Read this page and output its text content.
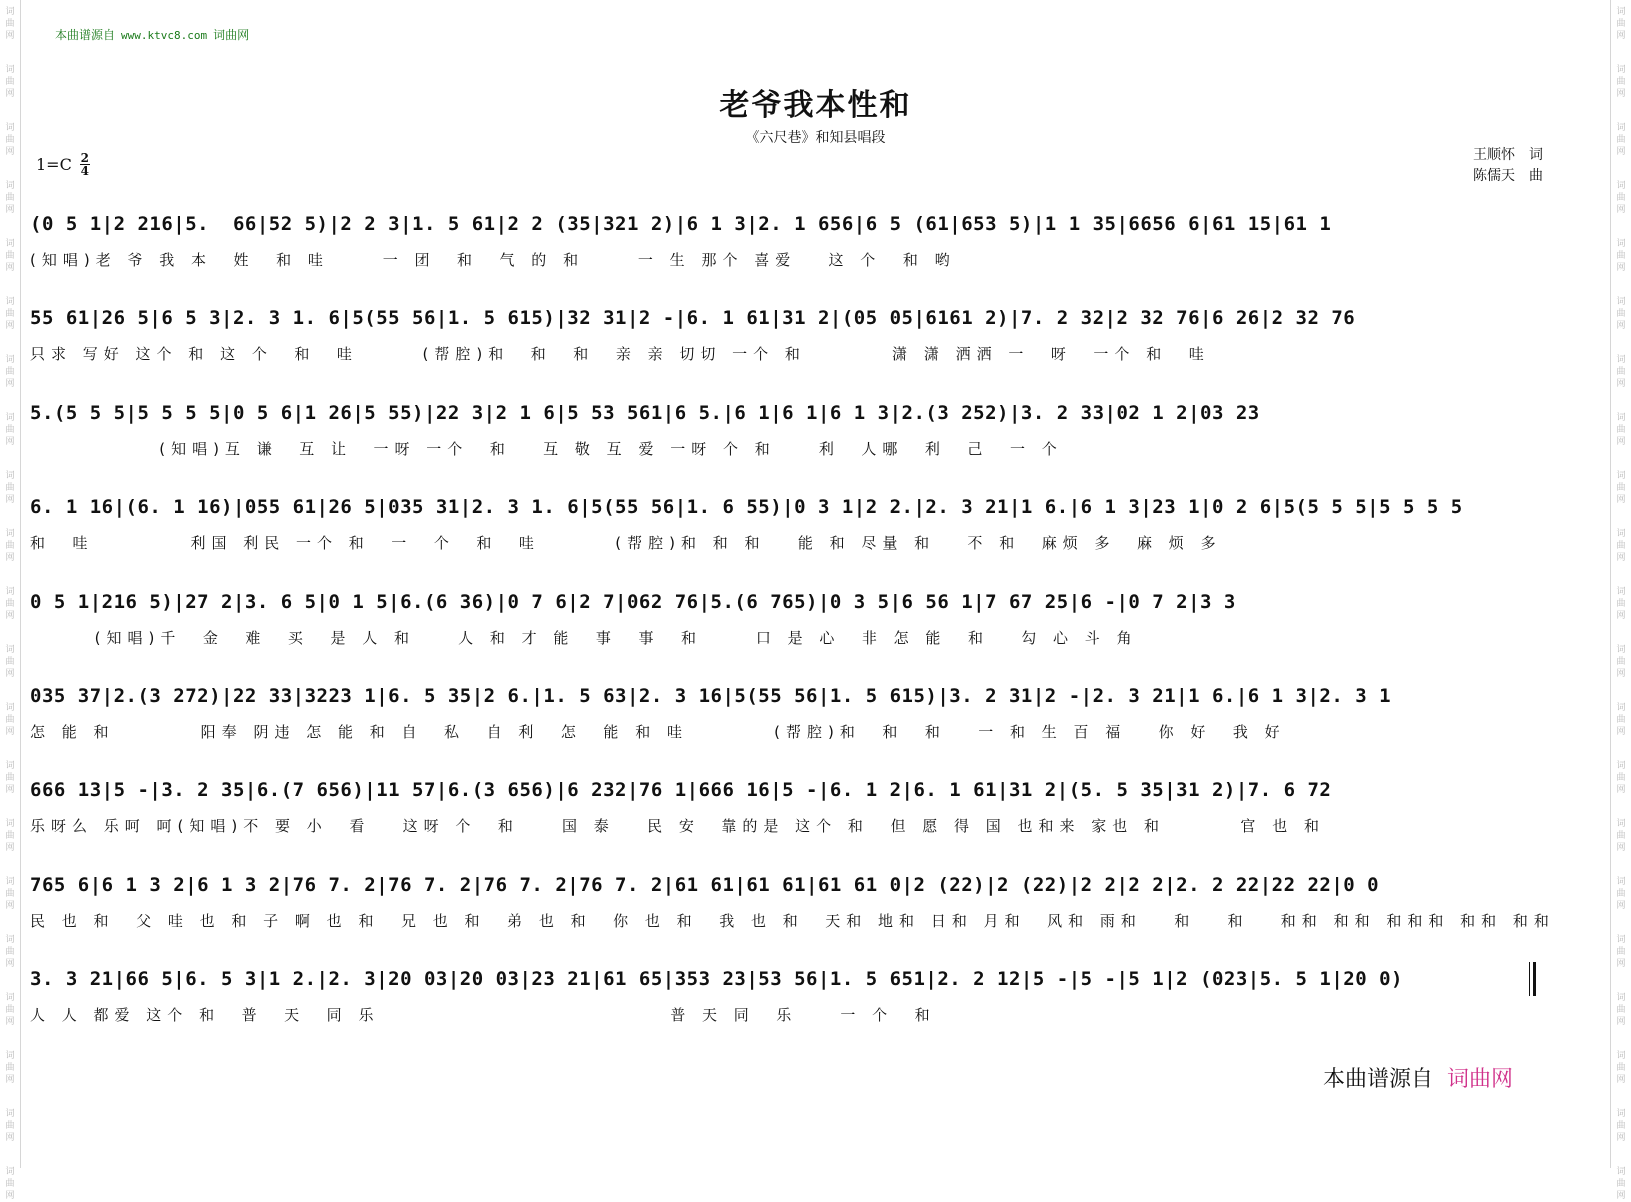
词
曲
网
词
曲
网
词
曲
网
词
曲
网
词
曲
网
词
曲
网
词
曲
网
词
曲
网
词
曲
网
词
曲
网
词
曲
网
词
曲
网
词
曲
网
词
曲
网
词
曲
网
词
曲
网
词
曲
网
词
曲
网
词
曲
网
词
曲
网
词
曲
网
词
曲
网
词
曲
网
词
曲
网
词
曲
网
词
曲
网
词
曲
网
词
曲
网
词
曲
网
词
曲
网
词
曲
网
词
曲
网
词
曲
网
词
曲
网
词
曲
网
词
曲
网
词
曲
网
词
曲
网
词
曲
网
词
曲
网
词
曲
网
词
曲
网
本曲谱源自 www.ktvc8.com 词曲网
老爷我本性和
《六尺巷》和知县唱段
1=C 2
4
王顺怀 词
陈儒天 曲
(0 5 1|2 216|5.  66|52 5)|2 2 3|1. 5 61|2 2 (35|321 2)|6 1 3|2. 1 656|6 5 (61|653 5)|1 1 35|6656 6|61 15|61 1
(知唱)老 爷 我 本  姓  和 哇     一 团  和  气 的 和     一 生 那个 喜爱   这 个  和 哟
55 61|26 5|6 5 3|2. 3 1. 6|5(55 56|1. 5 615)|32 31|2 -|6. 1 61|31 2|(05 05|6161 2)|7. 2 32|2 32 76|6 26|2 32 76
只求 写好 这个 和 这 个  和  哇      (帮腔)和  和  和  亲 亲 切切 一个 和        潇 潇 洒洒 一  呀  一个 和  哇
5.(5 5 5|5 5 5 5|0 5 6|1 26|5 55)|22 3|2 1 6|5 53 561|6 5.|6 1|6 1|6 1 3|2.(3 252)|3. 2 33|02 1 2|03 23
(知唱)互 谦  互 让  一呀 一个  和   互 敬 互 爱 一呀 个 和    利  人哪  利  己  一 个
6. 1 16|(6. 1 16)|055 61|26 5|035 31|2. 3 1. 6|5(55 56|1. 6 55)|0 3 1|2 2.|2. 3 21|1 6.|6 1 3|23 1|0 2 6|5(5 5 5|5 5 5 5
和  哇         利国 利民 一个 和  一  个  和  哇       (帮腔)和 和 和   能 和 尽量 和   不 和  麻烦 多  麻 烦 多
0 5 1|216 5)|27 2|3. 6 5|0 1 5|6.(6 36)|0 7 6|2 7|062 76|5.(6 765)|0 3 5|6 56 1|7 67 25|6 -|0 7 2|3 3
(知唱)千  金  难  买  是 人 和    人 和 才 能  事  事  和     口 是 心  非 怎 能  和   勾 心 斗 角
035 37|2.(3 272)|22 33|3223 1|6. 5 35|2 6.|1. 5 63|2. 3 16|5(55 56|1. 5 615)|3. 2 31|2 -|2. 3 21|1 6.|6 1 3|2. 3 1
怎 能 和        阳奉 阴违 怎 能 和 自  私  自 利  怎  能 和 哇        (帮腔)和  和  和   一 和 生 百 福   你 好  我 好
666 13|5 -|3. 2 35|6.(7 656)|11 57|6.(3 656)|6 232|76 1|666 16|5 -|6. 1 2|6. 1 61|31 2|(5. 5 35|31 2)|7. 6 72
乐呀么 乐呵 呵(知唱)不 要 小  看   这呀 个  和    国 泰   民 安  靠的是 这个 和  但 愿 得 国 也和来 家也 和       官 也 和
765 6|6 1 3 2|6 1 3 2|76 7. 2|76 7. 2|76 7. 2|76 7. 2|61 61|61 61|61 61 0|2 (22)|2 (22)|2 2|2 2|2. 2 22|22 22|0 0
民 也 和  父 哇 也 和 子 啊 也 和  兄 也 和  弟 也 和  你 也 和  我 也 和  天和 地和 日和 月和  风和 雨和   和   和   和和 和和 和和和 和和 和和
3. 3 21|66 5|6. 5 3|1 2.|2. 3|20 03|20 03|23 21|61 65|353 23|53 56|1. 5 651|2. 2 12|5 -|5 -|5 1|2 (023|5. 5 1|20 0)
人 人 都爱 这个 和  普  天  同 乐                           普 天 同  乐    一 个  和
本曲谱源自 词曲网
